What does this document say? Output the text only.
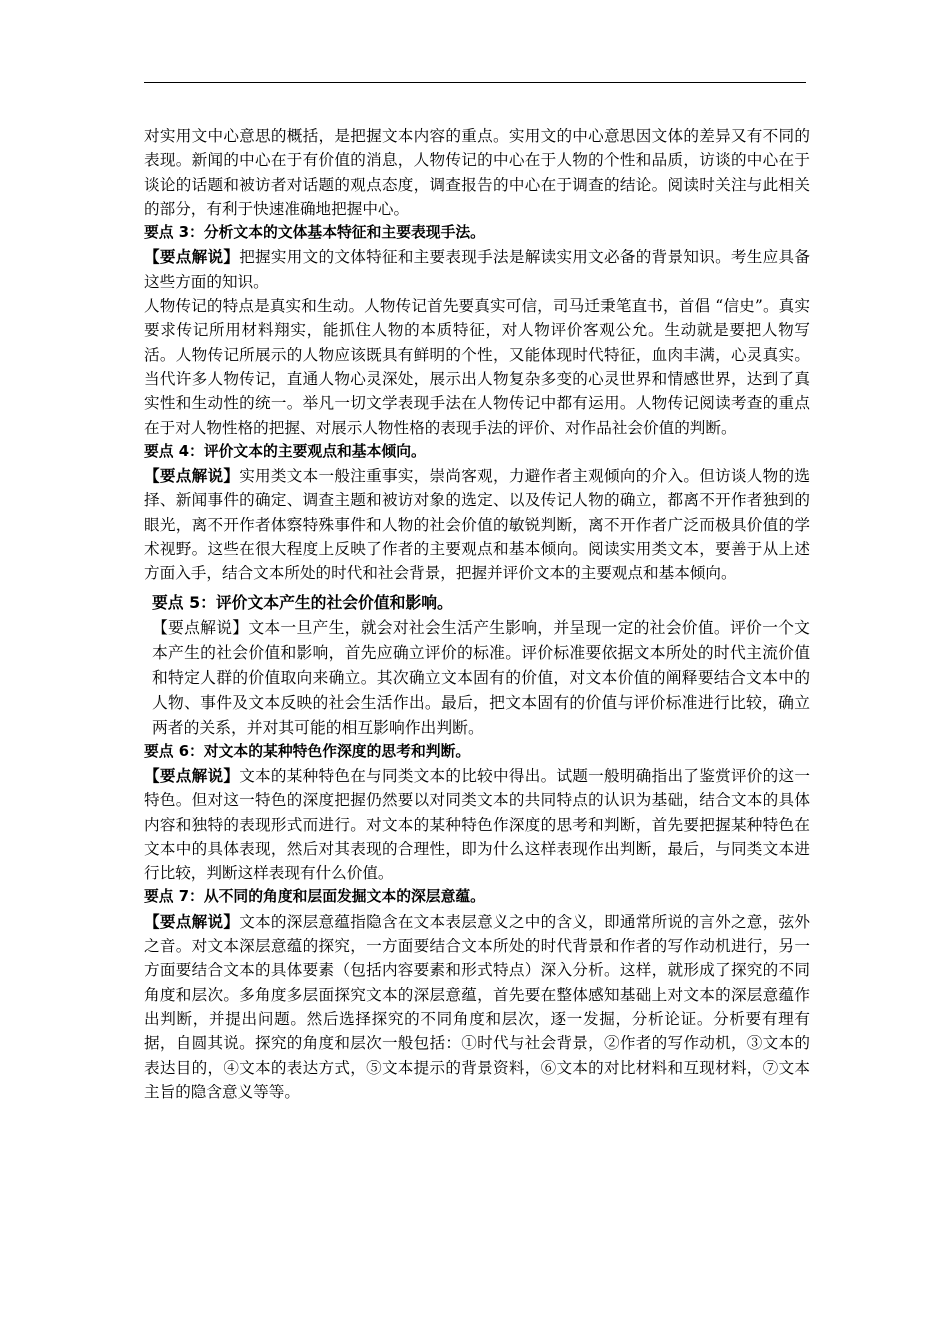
对实用文中心意思的概括，是把握文本内容的重点。实用文的中心意思因文体的差异又有不同的表现。新闻的中心在于有价值的消息，人物传记的中心在于人物的个性和品质，访谈的中心在于谈论的话题和被访者对话题的观点态度，调查报告的中心在于调查的结论。阅读时关注与此相关的部分，有利于快速准确地把握中心。

要点 3：分析文本的文体基本特征和主要表现手法。

【要点解说】把握实用文的文体特征和主要表现手法是解读实用文必备的背景知识。考生应具备这些方面的知识。

人物传记的特点是真实和生动。人物传记首先要真实可信，司马迁秉笔直书，首倡 “信史”。真实要求传记所用材料翔实，能抓住人物的本质特征，对人物评价客观公允。生动就是要把人物写活。人物传记所展示的人物应该既具有鲜明的个性，又能体现时代特征，血肉丰满，心灵真实。当代许多人物传记，直通人物心灵深处，展示出人物复杂多变的心灵世界和情感世界，达到了真实性和生动性的统一。举凡一切文学表现手法在人物传记中都有运用。人物传记阅读考查的重点在于对人物性格的把握、对展示人物性格的表现手法的评价、对作品社会价值的判断。

要点 4：评价文本的主要观点和基本倾向。

【要点解说】实用类文本一般注重事实，崇尚客观，力避作者主观倾向的介入。但访谈人物的选择、新闻事件的确定、调查主题和被访对象的选定、以及传记人物的确立，都离不开作者独到的眼光，离不开作者体察特殊事件和人物的社会价值的敏锐判断，离不开作者广泛而极具价值的学术视野。这些在很大程度上反映了作者的主要观点和基本倾向。阅读实用类文本，要善于从上述方面入手，结合文本所处的时代和社会背景，把握并评价文本的主要观点和基本倾向。

要点 5：评价文本产生的社会价值和影响。

【要点解说】文本一旦产生，就会对社会生活产生影响，并呈现一定的社会价值。评价一个文本产生的社会价值和影响，首先应确立评价的标准。评价标准要依据文本所处的时代主流价值和特定人群的价值取向来确立。其次确立文本固有的价值，对文本价值的阐释要结合文本中的人物、事件及文本反映的社会生活作出。最后，把文本固有的价值与评价标准进行比较，确立两者的关系，并对其可能的相互影响作出判断。

要点 6：对文本的某种特色作深度的思考和判断。

【要点解说】文本的某种特色在与同类文本的比较中得出。试题一般明确指出了鉴赏评价的这一特色。但对这一特色的深度把握仍然要以对同类文本的共同特点的认识为基础，结合文本的具体内容和独特的表现形式而进行。对文本的某种特色作深度的思考和判断，首先要把握某种特色在文本中的具体表现，然后对其表现的合理性，即为什么这样表现作出判断，最后，与同类文本进行比较，判断这样表现有什么价值。

要点 7：从不同的角度和层面发掘文本的深层意蕴。

【要点解说】文本的深层意蕴指隐含在文本表层意义之中的含义，即通常所说的言外之意，弦外之音。对文本深层意蕴的探究，一方面要结合文本所处的时代背景和作者的写作动机进行，另一方面要结合文本的具体要素（包括内容要素和形式特点）深入分析。这样，就形成了探究的不同角度和层次。多角度多层面探究文本的深层意蕴，首先要在整体感知基础上对文本的深层意蕴作出判断，并提出问题。然后选择探究的不同角度和层次，逐一发掘，分析论证。分析要有理有据，自圆其说。探究的角度和层次一般包括：①时代与社会背景，②作者的写作动机，③文本的表达目的，④文本的表达方式，⑤文本提示的背景资料，⑥文本的对比材料和互现材料，⑦文本主旨的隐含意义等等。
